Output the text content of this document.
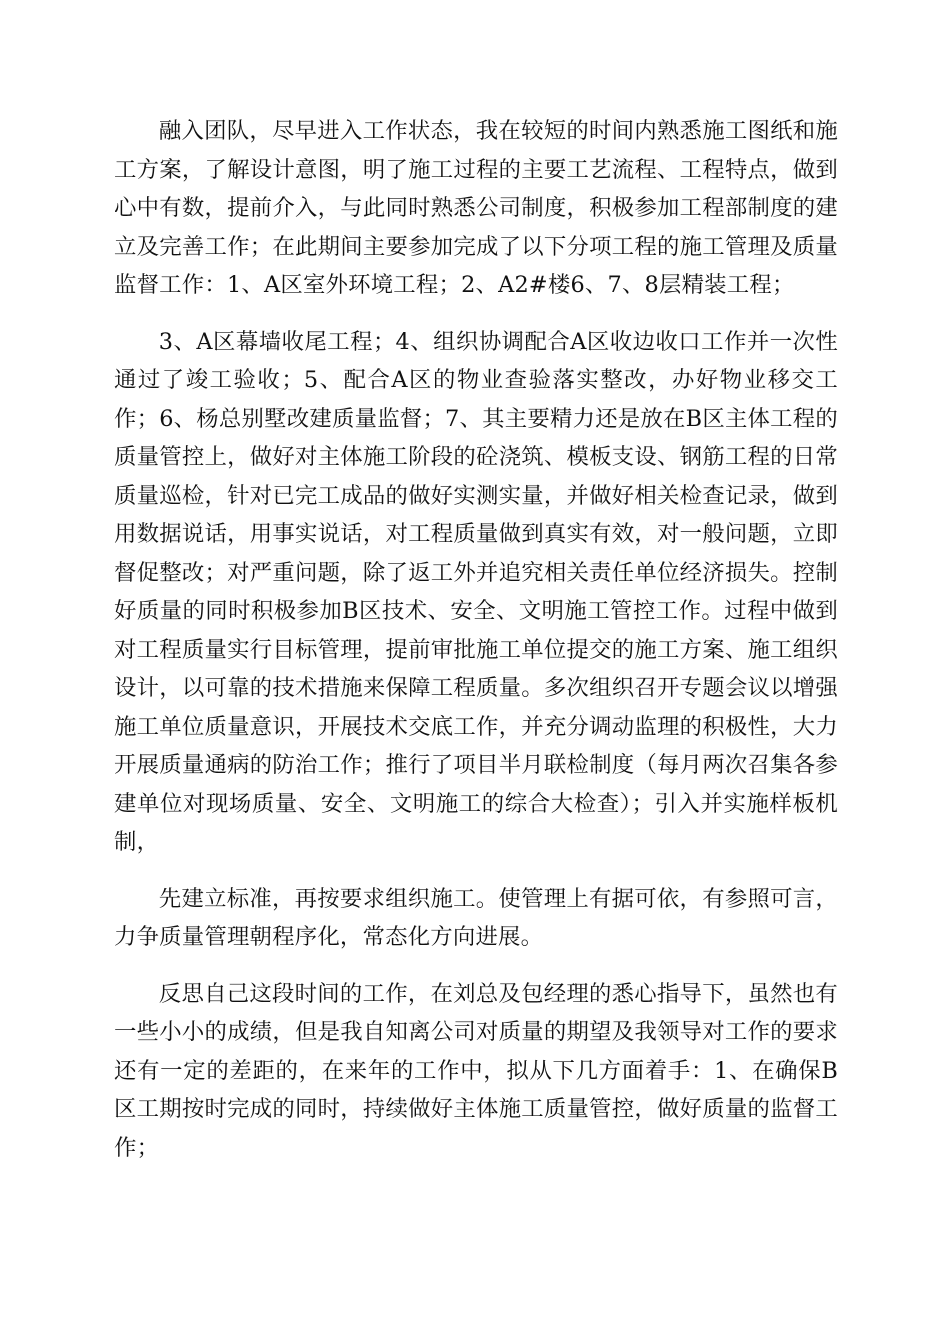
融入团队，尽早进入工作状态，我在较短的时间内熟悉施工图纸和施工方案，了解设计意图，明了施工过程的主要工艺流程、工程特点，做到心中有数，提前介入，与此同时熟悉公司制度，积极参加工程部制度的建立及完善工作；在此期间主要参加完成了以下分项工程的施工管理及质量监督工作：1、A区室外环境工程；2、A2#楼6、7、8层精装工程；

3、A区幕墙收尾工程；4、组织协调配合A区收边收口工作并一次性通过了竣工验收；5、配合A区的物业查验落实整改，办好物业移交工作；6、杨总别墅改建质量监督；7、其主要精力还是放在B区主体工程的质量管控上，做好对主体施工阶段的砼浇筑、模板支设、钢筋工程的日常质量巡检，针对已完工成品的做好实测实量，并做好相关检查记录，做到用数据说话，用事实说话，对工程质量做到真实有效，对一般问题，立即督促整改；对严重问题，除了返工外并追究相关责任单位经济损失。控制好质量的同时积极参加B区技术、安全、文明施工管控工作。过程中做到对工程质量实行目标管理，提前审批施工单位提交的施工方案、施工组织设计，以可靠的技术措施来保障工程质量。多次组织召开专题会议以增强施工单位质量意识，开展技术交底工作，并充分调动监理的积极性，大力开展质量通病的防治工作；推行了项目半月联检制度（每月两次召集各参建单位对现场质量、安全、文明施工的综合大检查）；引入并实施样板机制，

先建立标准，再按要求组织施工。使管理上有据可依，有参照可言，力争质量管理朝程序化，常态化方向进展。

反思自己这段时间的工作，在刘总及包经理的悉心指导下，虽然也有一些小小的成绩，但是我自知离公司对质量的期望及我领导对工作的要求还有一定的差距的，在来年的工作中，拟从下几方面着手：1、在确保B区工期按时完成的同时，持续做好主体施工质量管控，做好质量的监督工作；
